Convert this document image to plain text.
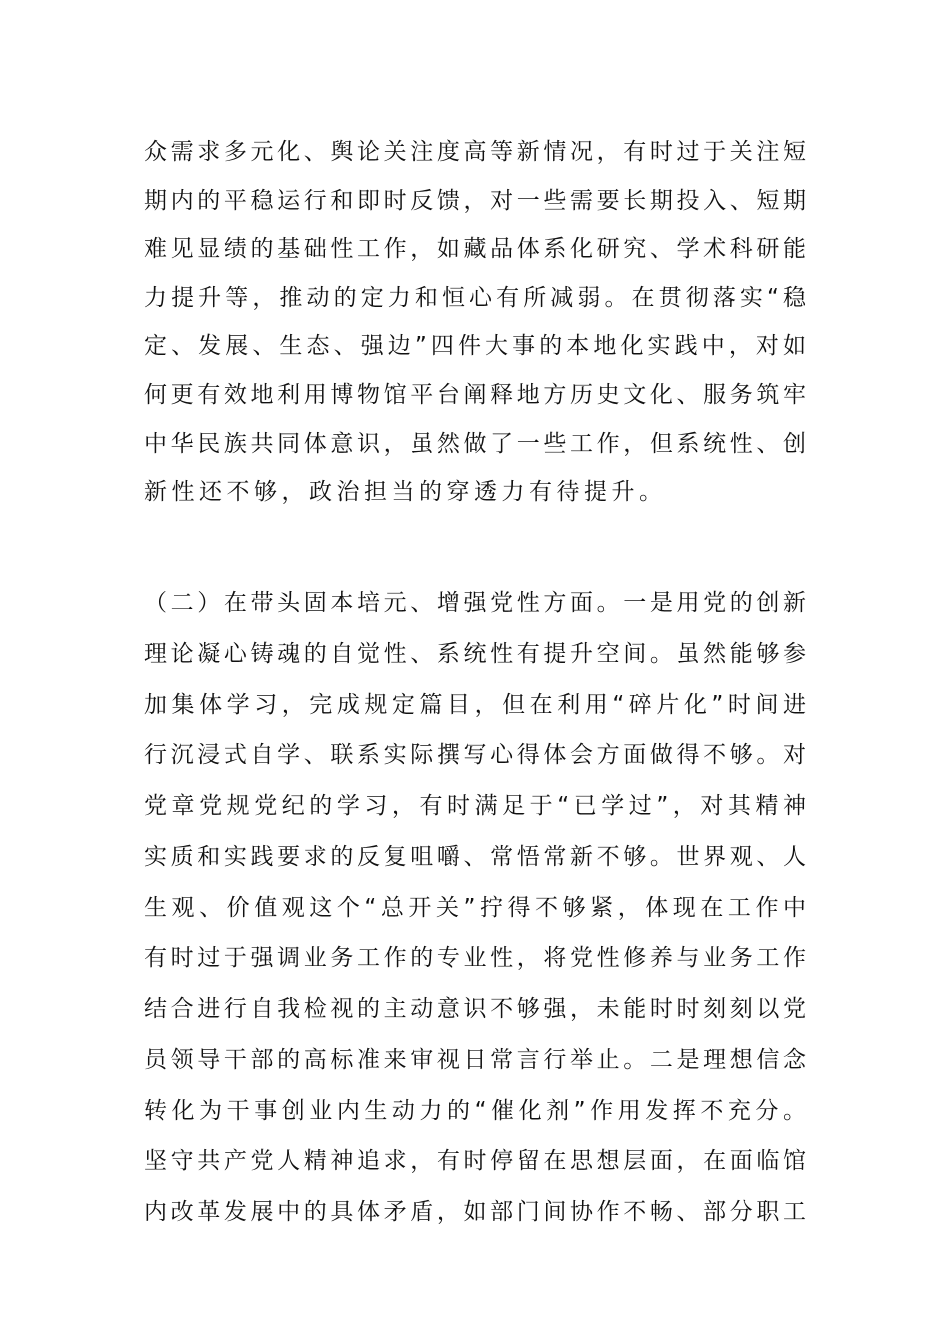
众需求多元化、舆论关注度高等新情况，有时过于关注短
期内的平稳运行和即时反馈，对一些需要长期投入、短期
难见显绩的基础性工作，如藏品体系化研究、学术科研能
力提升等，推动的定力和恒心有所减弱。在贯彻落实“稳
定、发展、生态、强边”四件大事的本地化实践中，对如
何更有效地利用博物馆平台阐释地方历史文化、服务筑牢
中华民族共同体意识，虽然做了一些工作，但系统性、创
新性还不够，政治担当的穿透力有待提升。
（二）在带头固本培元、增强党性方面。一是用党的创新
理论凝心铸魂的自觉性、系统性有提升空间。虽然能够参
加集体学习，完成规定篇目，但在利用“碎片化”时间进
行沉浸式自学、联系实际撰写心得体会方面做得不够。对
党章党规党纪的学习，有时满足于“已学过”，对其精神
实质和实践要求的反复咀嚼、常悟常新不够。世界观、人
生观、价值观这个“总开关”拧得不够紧，体现在工作中
有时过于强调业务工作的专业性，将党性修养与业务工作
结合进行自我检视的主动意识不够强，未能时时刻刻以党
员领导干部的高标准来审视日常言行举止。二是理想信念
转化为干事创业内生动力的“催化剂”作用发挥不充分。
坚守共产党人精神追求，有时停留在思想层面，在面临馆
内改革发展中的具体矛盾，如部门间协作不畅、部分职工
